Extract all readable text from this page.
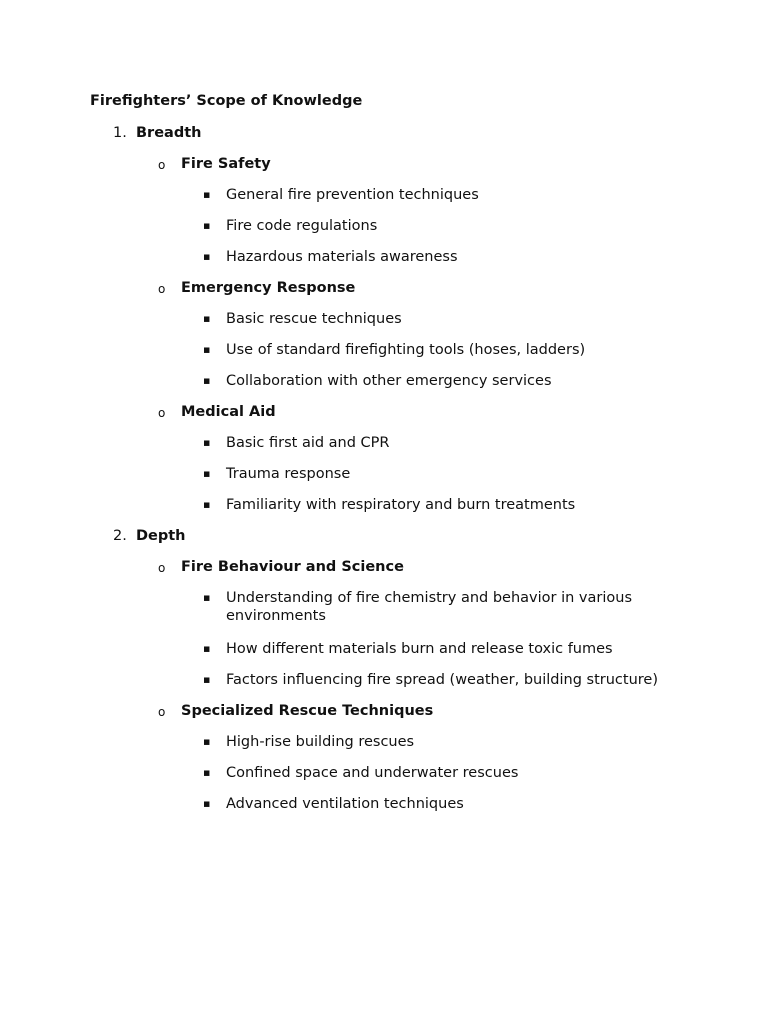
Firefighters’ Scope of Knowledge
1. Breadth
o Fire Safety
▪ General fire prevention techniques
▪ Fire code regulations
▪ Hazardous materials awareness
o Emergency Response
▪ Basic rescue techniques
▪ Use of standard firefighting tools (hoses, ladders)
▪ Collaboration with other emergency services
o Medical Aid
▪ Basic first aid and CPR
▪ Trauma response
▪ Familiarity with respiratory and burn treatments
2. Depth
o Fire Behaviour and Science
▪ Understanding of fire chemistry and behavior in various environments
▪ How different materials burn and release toxic fumes
▪ Factors influencing fire spread (weather, building structure)
o Specialized Rescue Techniques
▪ High-rise building rescues
▪ Confined space and underwater rescues
▪ Advanced ventilation techniques
